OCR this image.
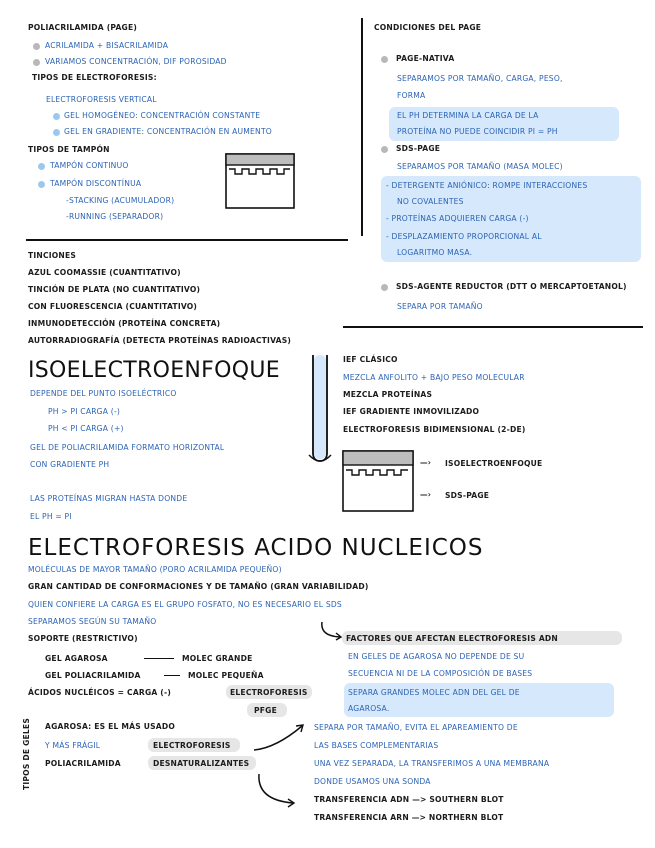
POLIACRILAMIDA (PAGE)
ACRILAMIDA + BISACRILAMIDA
VARIAMOS CONCENTRACIÓN, DIF POROSIDAD
TIPOS DE ELECTROFORESIS:
ELECTROFORESIS VERTICAL
GEL HOMOGÉNEO: CONCENTRACIÓN CONSTANTE
GEL EN GRADIENTE: CONCENTRACIÓN EN AUMENTO
TIPOS DE TAMPÓN
TAMPÓN CONTINUO
TAMPÓN DISCONTÍNUA
-STACKING (ACUMULADOR)
-RUNNING (SEPARADOR)
CONDICIONES DEL PAGE
PAGE-NATIVA
SEPARAMOS POR TAMAÑO, CARGA, PESO,
FORMA
EL PH DETERMINA LA CARGA DE LA
PROTEÍNA NO PUEDE COINCIDIR PI = PH
SDS-PAGE
SEPARAMOS POR TAMAÑO (MASA MOLEC)
- DETERGENTE ANIÓNICO: ROMPE INTERACCIONES
NO COVALENTES
- PROTEÍNAS ADQUIEREN CARGA (-)
- DESPLAZAMIENTO PROPORCIONAL AL
LOGARITMO MASA.
SDS-AGENTE REDUCTOR (DTT O MERCAPTOETANOL)
SEPARA POR TAMAÑO
TINCIONES
AZUL COOMASSIE (CUANTITATIVO)
TINCIÓN DE PLATA (NO CUANTITATIVO)
CON FLUORESCENCIA (CUANTITATIVO)
INMUNODETECCIÓN (PROTEÍNA CONCRETA)
AUTORRADIOGRAFÍA (DETECTA PROTEÍNAS RADIOACTIVAS)
ISOELECTROENFOQUE
DEPENDE DEL PUNTO ISOELÉCTRICO
PH > PI CARGA (-)
PH < PI CARGA (+)
GEL DE POLIACRILAMIDA FORMATO HORIZONTAL
CON GRADIENTE PH
LAS PROTEÍNAS MIGRAN HASTA DONDE
EL PH = PI
IEF CLÁSICO
MEZCLA ANFOLITO + BAJO PESO MOLECULAR
MEZCLA PROTEÍNAS
IEF GRADIENTE INMOVILIZADO
ELECTROFORESIS BIDIMENSIONAL (2-DE)
—› ISOELECTROENFOQUE
—› SDS-PAGE
ELECTROFORESIS ACIDO NUCLEICOS
MOLÉCULAS DE MAYOR TAMAÑO (PORO ACRILAMIDA PEQUEÑO)
GRAN CANTIDAD DE CONFORMACIONES Y DE TAMAÑO (GRAN VARIABILIDAD)
QUIEN CONFIERE LA CARGA ES EL GRUPO FOSFATO, NO ES NECESARIO EL SDS
SEPARAMOS SEGÚN SU TAMAÑO
SOPORTE (RESTRICTIVO)
GEL AGAROSA	MOLEC GRANDE
GEL POLIACRILAMIDA	MOLEC PEQUEÑA
ÁCIDOS NUCLÉICOS = CARGA (-)	ELECTROFORESIS
PFGE
FACTORES QUE AFECTAN ELECTROFORESIS ADN
EN GELES DE AGAROSA NO DEPENDE DE SU
SECUENCIA NI DE LA COMPOSICIÓN DE BASES
SEPARA GRANDES MOLEC ADN DEL GEL DE
AGAROSA.
TIPOS DE GELES AGAROSA: ES EL MÁS USADO
Y MÁS FRÁGIL	ELECTROFORESIS
POLIACRILAMIDA	DESNATURALIZANTES
SEPARA POR TAMAÑO, EVITA EL APAREAMIENTO DE
LAS BASES COMPLEMENTARIAS
UNA VEZ SEPARADA, LA TRANSFERIMOS A UNA MEMBRANA
DONDE USAMOS UNA SONDA
TRANSFERENCIA ADN —> SOUTHERN BLOT
TRANSFERENCIA ARN —> NORTHERN BLOT
